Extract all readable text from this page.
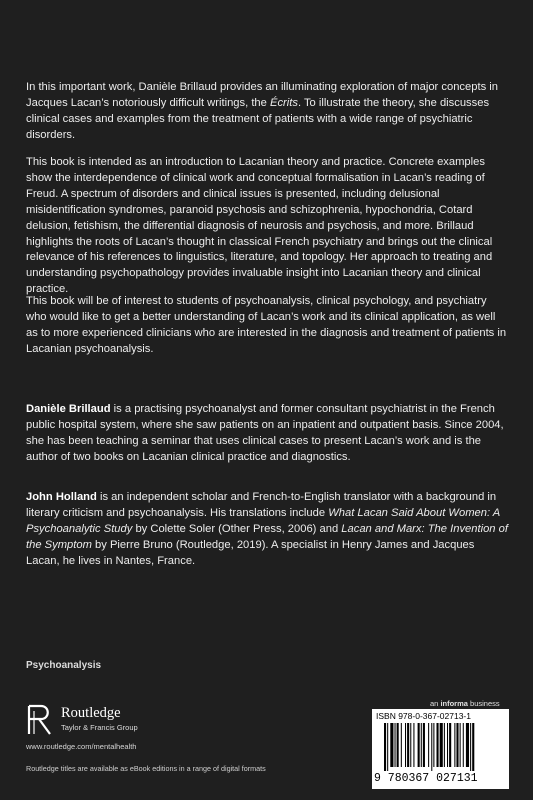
In this important work, Danièle Brillaud provides an illuminating exploration of major concepts in Jacques Lacan’s notoriously difficult writings, the Écrits. To illustrate the theory, she discusses clinical cases and examples from the treatment of patients with a wide range of psychiatric disorders.

This book is intended as an introduction to Lacanian theory and practice. Concrete examples show the interdependence of clinical work and conceptual formalisation in Lacan’s reading of Freud. A spectrum of disorders and clinical issues is presented, including delusional misidentification syndromes, paranoid psychosis and schizophrenia, hypochondria, Cotard delusion, fetishism, the differential diagnosis of neurosis and psychosis, and more. Brillaud highlights the roots of Lacan’s thought in classical French psychiatry and brings out the clinical relevance of his references to linguistics, literature, and topology. Her approach to treating and understanding psychopathology provides invaluable insight into Lacanian theory and clinical practice.

This book will be of interest to students of psychoanalysis, clinical psychology, and psychiatry who would like to get a better understanding of Lacan’s work and its clinical application, as well as to more experienced clinicians who are interested in the diagnosis and treatment of patients in Lacanian psychoanalysis.

Danièle Brillaud is a practising psychoanalyst and former consultant psychiatrist in the French public hospital system, where she saw patients on an inpatient and outpatient basis. Since 2004, she has been teaching a seminar that uses clinical cases to present Lacan’s work and is the author of two books on Lacanian clinical practice and diagnostics.

John Holland is an independent scholar and French-to-English translator with a background in literary criticism and psychoanalysis. His translations include What Lacan Said About Women: A Psychoanalytic Study by Colette Soler (Other Press, 2006) and Lacan and Marx: The Invention of the Symptom by Pierre Bruno (Routledge, 2019). A specialist in Henry James and Jacques Lacan, he lives in Nantes, France.

Psychoanalysis
Routledge
Taylor & Francis Group
www.routledge.com/mentalhealth
Routledge titles are available as eBook editions in a range of digital formats
an informa business
ISBN 978-0-367-02713-1
9 780367 027131
